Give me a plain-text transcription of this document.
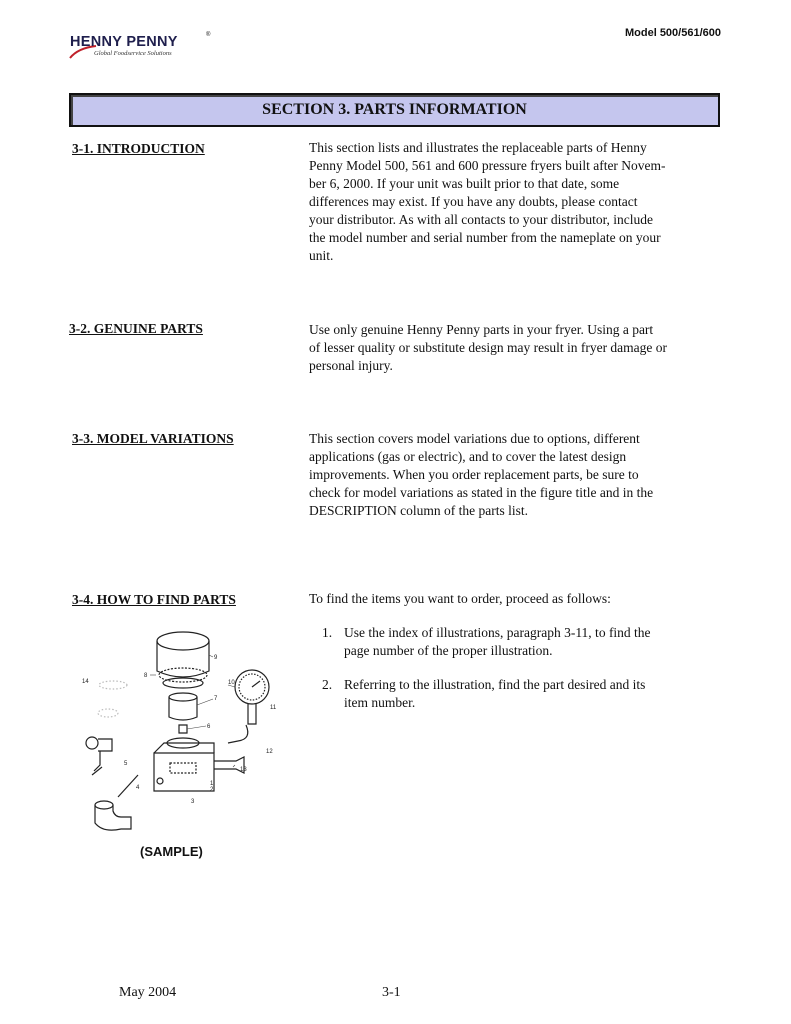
HENNY PENNY	®
Global Foodservice Solutions
Model 500/561/600
SECTION 3. PARTS INFORMATION
3-1. INTRODUCTION	This section lists and illustrates the replaceable parts of Henny
Penny Model 500, 561 and 600 pressure fryers built after Novem-
ber 6, 2000. If your unit was built prior to that date, some
differences may exist. If you have any doubts, please contact
your distributor. As with all contacts to your distributor, include
the model number and serial number from the nameplate on your
unit.
3-2. GENUINE PARTS	Use only genuine Henny Penny parts in your fryer. Using a part
of lesser quality or substitute design may result in fryer damage or
personal injury.
3-3. MODEL VARIATIONS	This section covers model variations due to options, different
applications (gas or electric), and to cover the latest design
improvements. When you order replacement parts, be sure to
check for model variations as stated in the figure title and in the
DESCRIPTION column of the parts list.
3-4. HOW TO FIND PARTS	To find the items you want to order, proceed as follows:
1. Use the index of illustrations, paragraph 3-11, to find the
page number of the proper illustration.
2. Referring to the illustration, find the part desired and its
item number.
9
8
10
7
14
11
6
12
13
5
1
2
3
4
(SAMPLE)
May 2004	3-1
